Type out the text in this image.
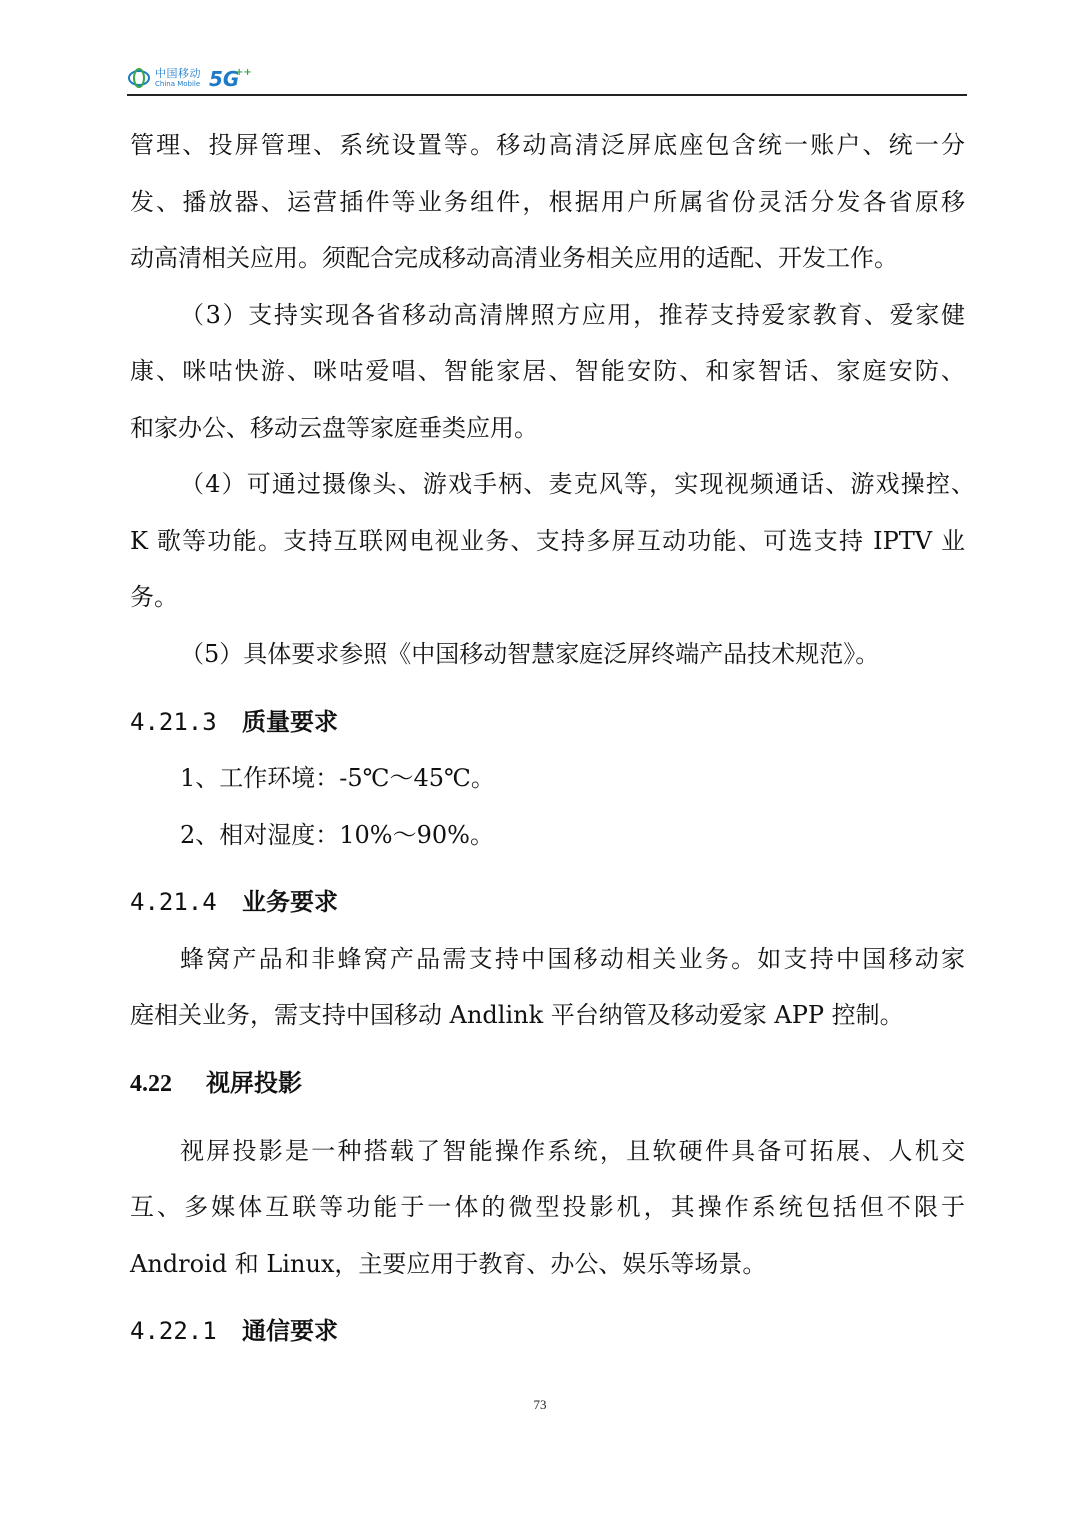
中国移动
China Mobile 5G
++
管理、投屏管理、系统设置等。移动高清泛屏底座包含统一账户、统一分
发、播放器、运营插件等业务组件，根据用户所属省份灵活分发各省原移
动高清相关应用。须配合完成移动高清业务相关应用的适配、开发工作。
（3）支持实现各省移动高清牌照方应用，推荐支持爱家教育、爱家健
康、咪咕快游、咪咕爱唱、智能家居、智能安防、和家智话、家庭安防、
和家办公、移动云盘等家庭垂类应用。
（4）可通过摄像头、游戏手柄、麦克风等，实现视频通话、游戏操控、
K 歌等功能。支持互联网电视业务、支持多屏互动功能、可选支持 IPTV 业
务。
（5）具体要求参照《中国移动智慧家庭泛屏终端产品技术规范》。
4.21.3 质量要求
1、工作环境：-5℃～45℃。
2、相对湿度：10%～90%。
4.21.4 业务要求
蜂窝产品和非蜂窝产品需支持中国移动相关业务。如支持中国移动家
庭相关业务，需支持中国移动 Andlink 平台纳管及移动爱家 APP 控制。
4.22 视屏投影
视屏投影是一种搭载了智能操作系统，且软硬件具备可拓展、人机交
互、多媒体互联等功能于一体的微型投影机，其操作系统包括但不限于
Android 和 Linux，主要应用于教育、办公、娱乐等场景。
4.22.1 通信要求
73
